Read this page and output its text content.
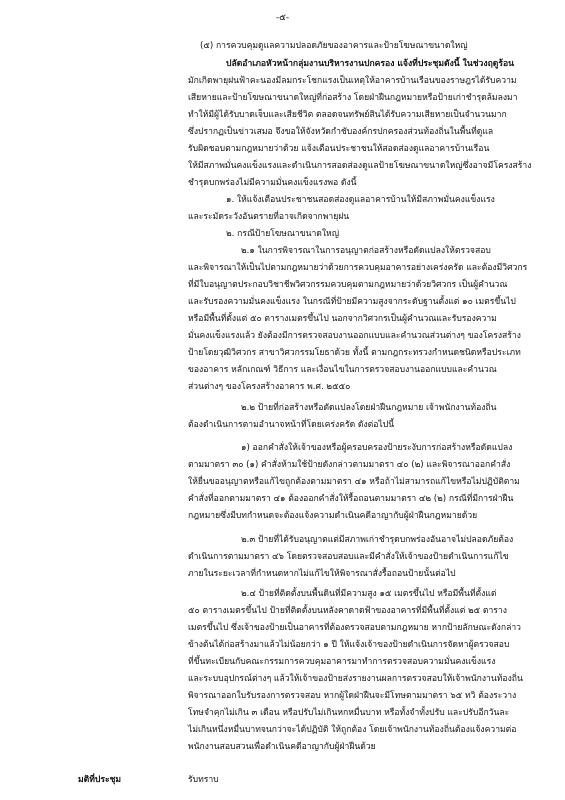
-๕-
(๕) การควบคุมดูแลความปลอดภัยของอาคารและป้ายโฆษณาขนาดใหญ่
ปลัดอำเภอหัวหน้ากลุ่มงานบริหารงานปกครอง แจ้งที่ประชุมดังนี้ ในช่วงฤดูร้อน
มักเกิดพายุฝนฟ้าคะนองมีลมกระโชกแรงเป็นเหตุให้อาคารบ้านเรือนของราษฎรได้รับความ
เสียหายและป้ายโฆษณาขนาดใหญ่ที่ก่อสร้าง โดยฝ่าฝืนกฎหมายหรือป้ายเก่าชำรุดล้มลงมา
ทำให้มีผู้ได้รับบาดเจ็บและเสียชีวิต ตลอดจนทรัพย์สินได้รับความเสียหายเป็นจำนวนมาก
ซึ่งปรากฏเป็นข่าวเสมอ จึงขอให้จังหวัดกำชับองค์กรปกครองส่วนท้องถิ่นในพื้นที่ดูแล
รับผิดชอบตามกฎหมายว่าด้วย แจ้งเตือนประชาชนให้สอดส่องดูแลอาคารบ้านเรือน
ให้มีสภาพมั่นคงแข็งแรงและดำเนินการสอดส่องดูแลป้ายโฆษณาขนาดใหญ่ซึ่งอาจมีโครงสร้าง
ชำรุดบกพร่องไม่มีความมั่นคงแข็งแรงพอ ดังนี้
๑. ให้แจ้งเตือนประชาชนสอดส่องดูแลอาคารบ้านให้มีสภาพมั่นคงแข็งแรง
และระมัดระวังอันตรายที่อาจเกิดจากพายุฝน
๒. กรณีป้ายโฆษณาขนาดใหญ่
๒.๑ ในการพิจารณาในการอนุญาตก่อสร้างหรือดัดแปลงให้ตรวจสอบ
และพิจารณาให้เป็นไปตามกฎหมายว่าด้วยการควบคุมอาคารอย่างเคร่งครัด และต้องมีวิศวกร
ที่มีใบอนุญาตประกอบวิชาชีพวิศวกรรมควบคุมตามกฎหมายว่าด้วยวิศวกร เป็นผู้คำนวณ
และรับรองความมั่นคงแข็งแรง ในกรณีที่ป้ายมีความสูงจากระดับฐานตั้งแต่ ๑๐ เมตรขึ้นไป
หรือมีพื้นที่ตั้งแต่ ๕๐ ตารางเมตรขึ้นไป นอกจากวิศวกรเป็นผู้คำนวณและรับรองความ
มั่นคงแข็งแรงแล้ว ยังต้องมีการตรวจสอบงานออกแบบและคำนวณส่วนต่างๆ ของโครงสร้าง
ป้ายโดยวุฒิวิศวกร สาขาวิศวกรรมโยธาด้วย ทั้งนี้ ตามกฎกระทรวงกำหนดชนิดหรือประเภท
ของอาคาร หลักเกณฑ์ วิธีการ และเงื่อนไขในการตรวจสอบงานออกแบบและคำนวณ
ส่วนต่างๆ ของโครงสร้างอาคาร พ.ศ. ๒๕๕๐
๒.๒ ป้ายที่ก่อสร้างหรือดัดแปลงโดยฝ่าฝืนกฎหมาย เจ้าพนักงานท้องถิ่น
ต้องดำเนินการตามอำนาจหน้าที่โดยเคร่งครัด ดังต่อไปนี้
๑) ออกคำสั่งให้เจ้าของหรือผู้ครอบครองป้ายระงับการก่อสร้างหรือดัดแปลง
ตามมาตรา ๓๐ (๑) คำสั่งห้ามใช้ป้ายดังกล่าวตามมาตรา ๔๐ (๒) และพิจารณาออกคำสั่ง
ให้ยื่นขออนุญาตหรือแก้ไขถูกต้องตามมาตรา ๔๑ หรือถ้าไม่สามารถแก้ไขหรือไม่ปฏิบัติตาม
คำสั่งที่ออกตามมาตรา ๔๑ ต้องออกคำสั่งให้รื้อถอนตามมาตรา ๔๒ (๒) กรณีที่มีการฝ่าฝืน
กฎหมายซึ่งมีบทกำหนดจะต้องแจ้งความดำเนินคดีอาญากับผู้ฝ่าฝืนกฎหมายด้วย
๒.๓ ป้ายที่ได้รับอนุญาตแต่มีสภาพเก่าชำรุดบกพร่องอันอาจไม่ปลอดภัยต้อง
ดำเนินการตามมาตรา ๔๖ โดยตรวจสอบสอบและมีคำสั่งให้เจ้าของป้ายดำเนินการแก้ไข
ภายในระยะเวลาที่กำหนดหากไม่แก้ไขให้พิจารณาสั่งรื้อถอนป้ายนั้นต่อไป
๒.๔ ป้ายที่ติดตั้งบนพื้นดินที่มีความสูง ๑๕ เมตรขึ้นไป หรือมีพื้นที่ตั้งแต่
๕๐ ตารางเมตรขึ้นไป ป้ายที่ติดตั้งบนหลังคาดาดฟ้าของอาคารที่มีพื้นที่ตั้งแต่ ๒๕ ตาราง
เมตรขึ้นไป ซึ่งเจ้าของป้ายเป็นอาคารที่ต้องตรวจสอบตามกฎหมาย หากป้ายลักษณะดังกล่าว
ข้างต้นได้ก่อสร้างมาแล้วไม่น้อยกว่า ๑ ปี ให้แจ้งเจ้าของป้ายดำเนินการจัดหาผู้ตรวจสอบ
ที่ขึ้นทะเบียนกับคณะกรรมการควบคุมอาคารมาทำการตรวจสอบความมั่นคงแข็งแรง
และระบบอุปกรณ์ต่างๆ แล้วให้เจ้าของป้ายส่งรายงานผลการตรวจสอบให้เจ้าพนักงานท้องถิ่น
พิจารณาออกใบรับรองการตรวจสอบ หากผู้ใดฝ่าฝืนจะมีโทษตามมาตรา ๖๕ ทวิ ต้องระวาง
โทษจำคุกไม่เกิน ๓ เดือน หรือปรับไม่เกินหกหมื่นบาท หรือทั้งจำทั้งปรับ และปรับอีกวันละ
ไม่เกินหนึ่งหมื่นบาทจนกว่าจะได้ปฏิบัติ ให้ถูกต้อง โดยเจ้าพนักงานท้องถิ่นต้องแจ้งความต่อ
พนักงานสอบสวนเพื่อดำเนินคดีอาญากับผู้ฝ่าฝืนด้วย
มติที่ประชุม	รับทราบ
